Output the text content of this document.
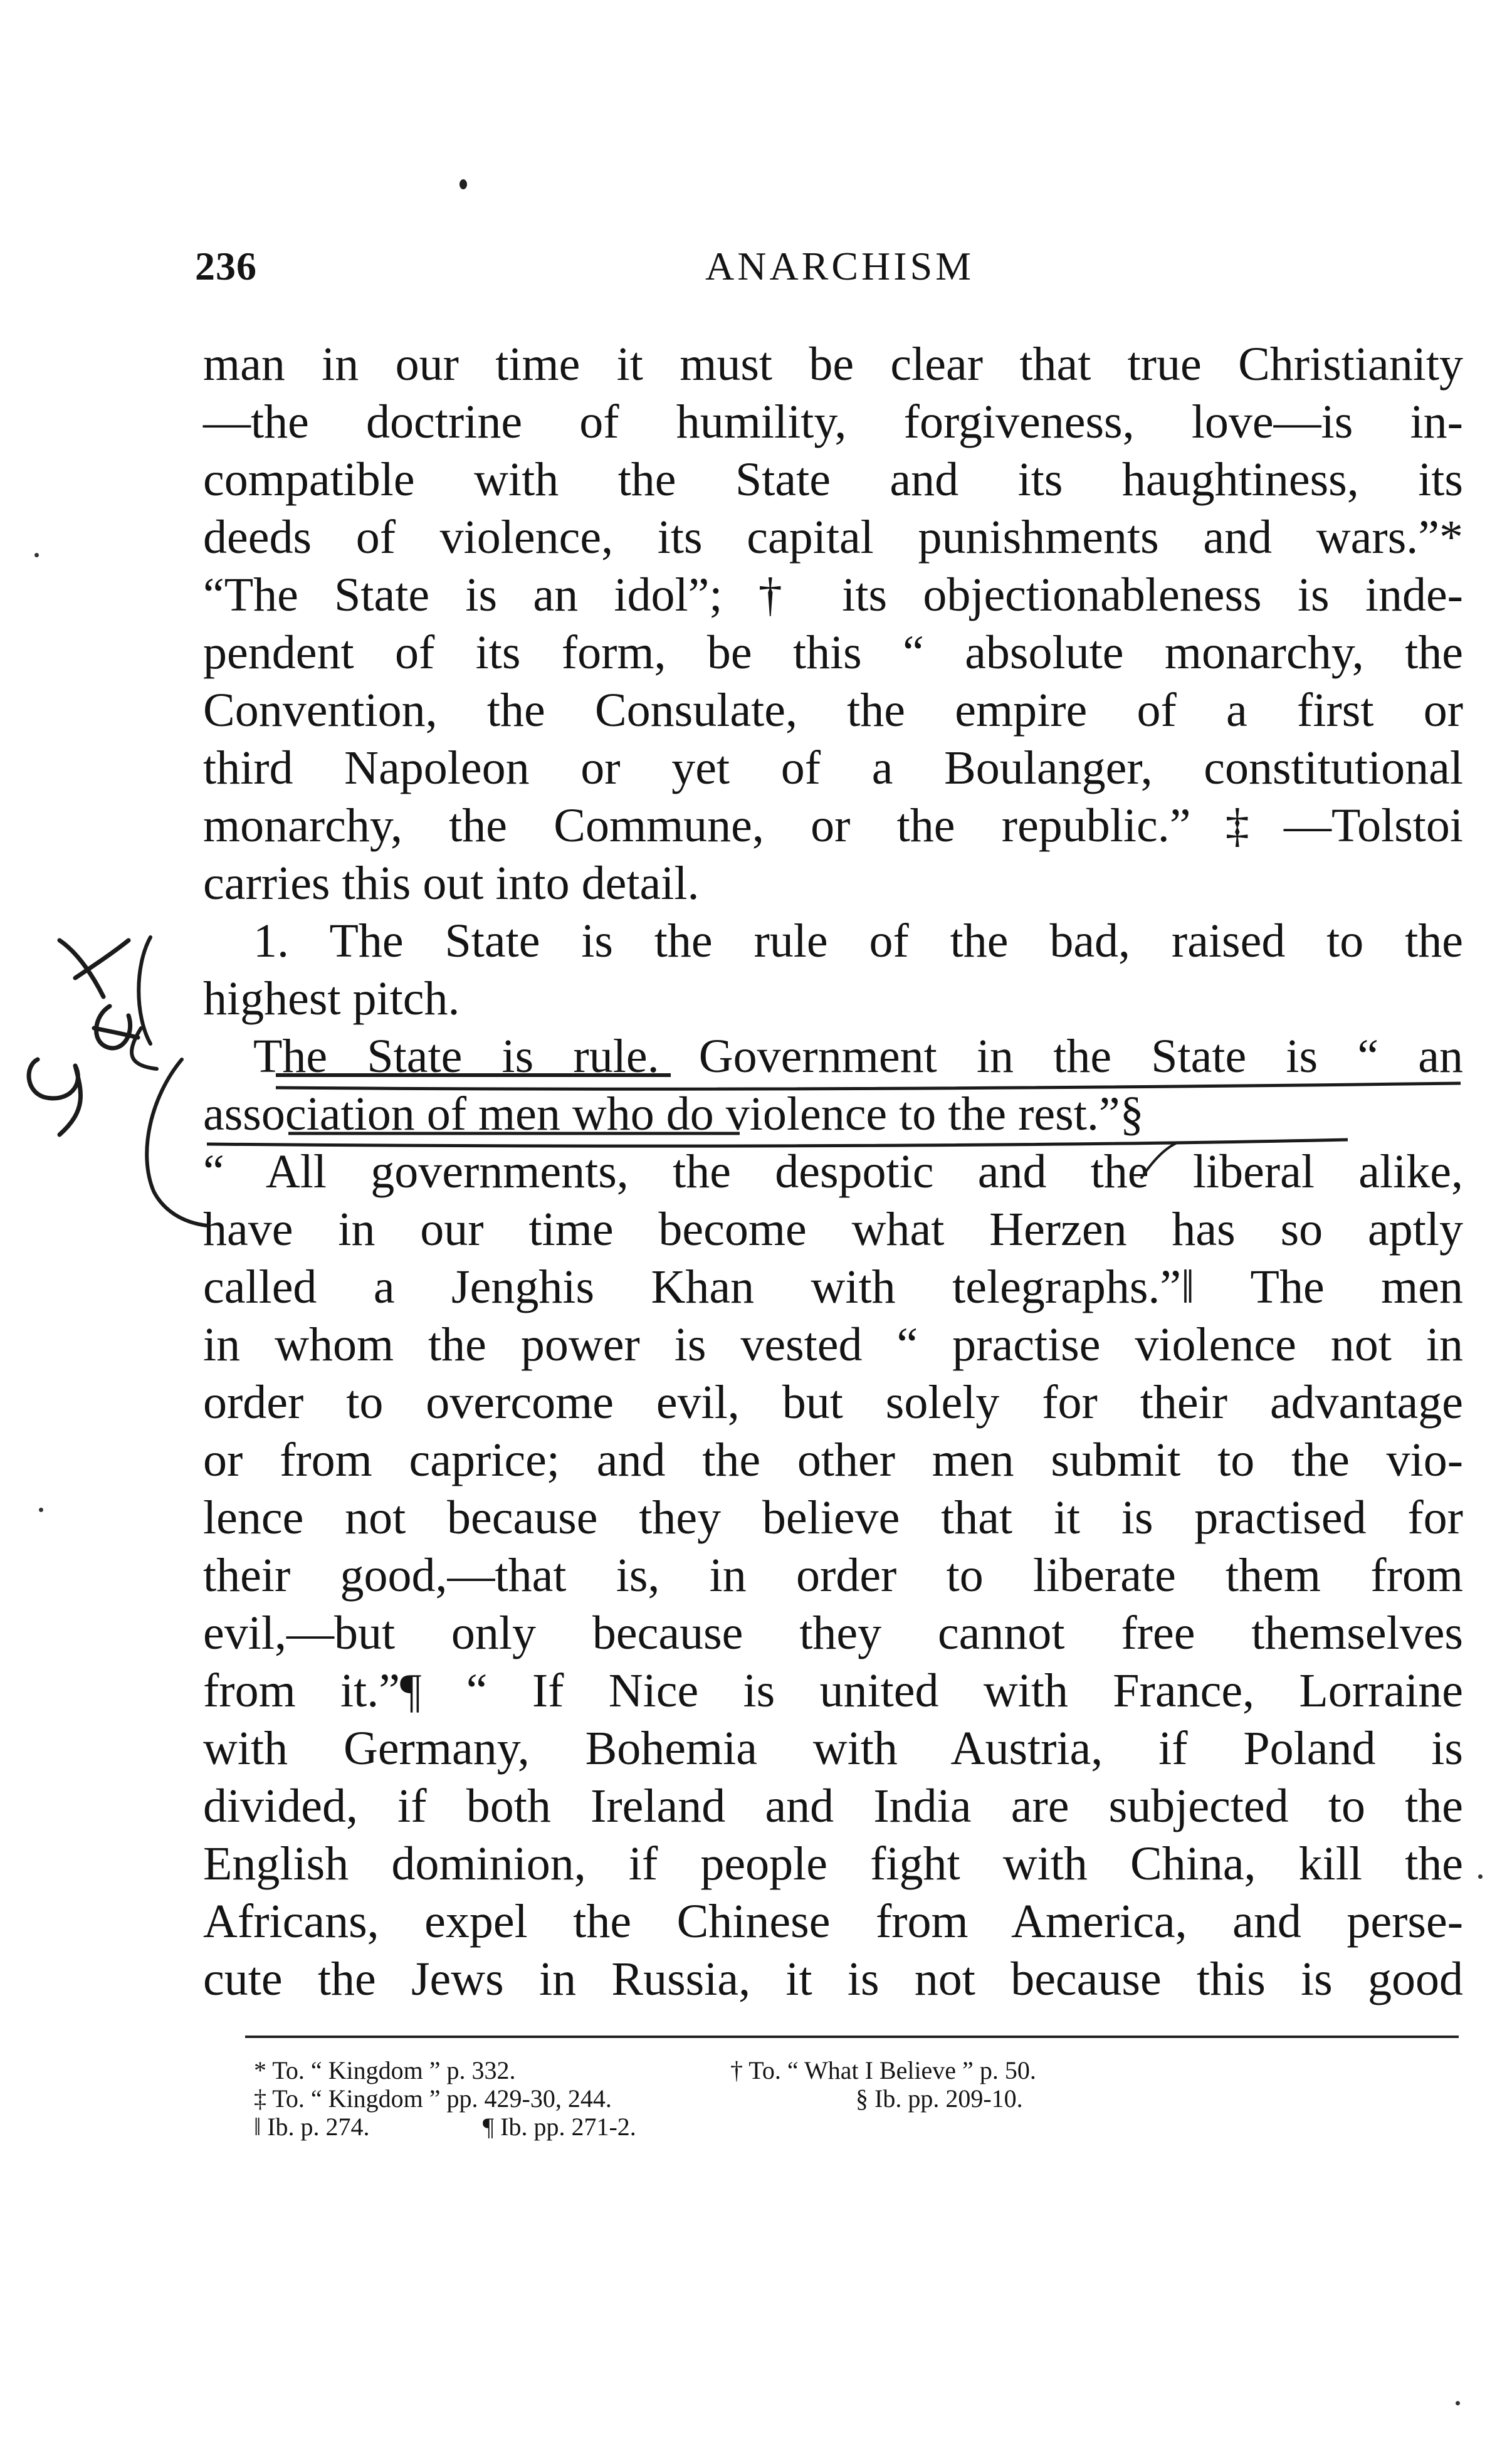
236	ANARCHISM
man in our time it must be clear that true Christianity
—the doctrine of humility, forgiveness, love—is in-
compatible with the State and its haughtiness, its
deeds of violence, its capital punishments and wars.”*
“The State is an idol”; † its objectionableness is inde-
pendent of its form, be this “ absolute monarchy, the
Convention, the Consulate, the empire of a first or
third Napoleon or yet of a Boulanger, constitutional
monarchy, the Commune, or the republic.”‡—Tolstoi
carries this out into detail.
1. The State is the rule of the bad, raised to the
highest pitch.
The State is rule. Government in the State is “ an
association of men who do violence to the rest.”§
“ All governments, the despotic and the liberal alike,
have in our time become what Herzen has so aptly
called a Jenghis Khan with telegraphs.”‖ The men
in whom the power is vested “ practise violence not in
order to overcome evil, but solely for their advantage
or from caprice; and the other men submit to the vio-
lence not because they believe that it is practised for
their good,—that is, in order to liberate them from
evil,—but only because they cannot free themselves
from it.”¶ “ If Nice is united with France, Lorraine
with Germany, Bohemia with Austria, if Poland is
divided, if both Ireland and India are subjected to the
English dominion, if people fight with China, kill the
Africans, expel the Chinese from America, and perse-
cute the Jews in Russia, it is not because this is good
* To. “ Kingdom ” p. 332.	† To. “ What I Believe ” p. 50.
‡ To. “ Kingdom ” pp. 429-30, 244.	§ Ib. pp. 209-10.
‖ Ib. p. 274.	¶ Ib. pp. 271-2.
